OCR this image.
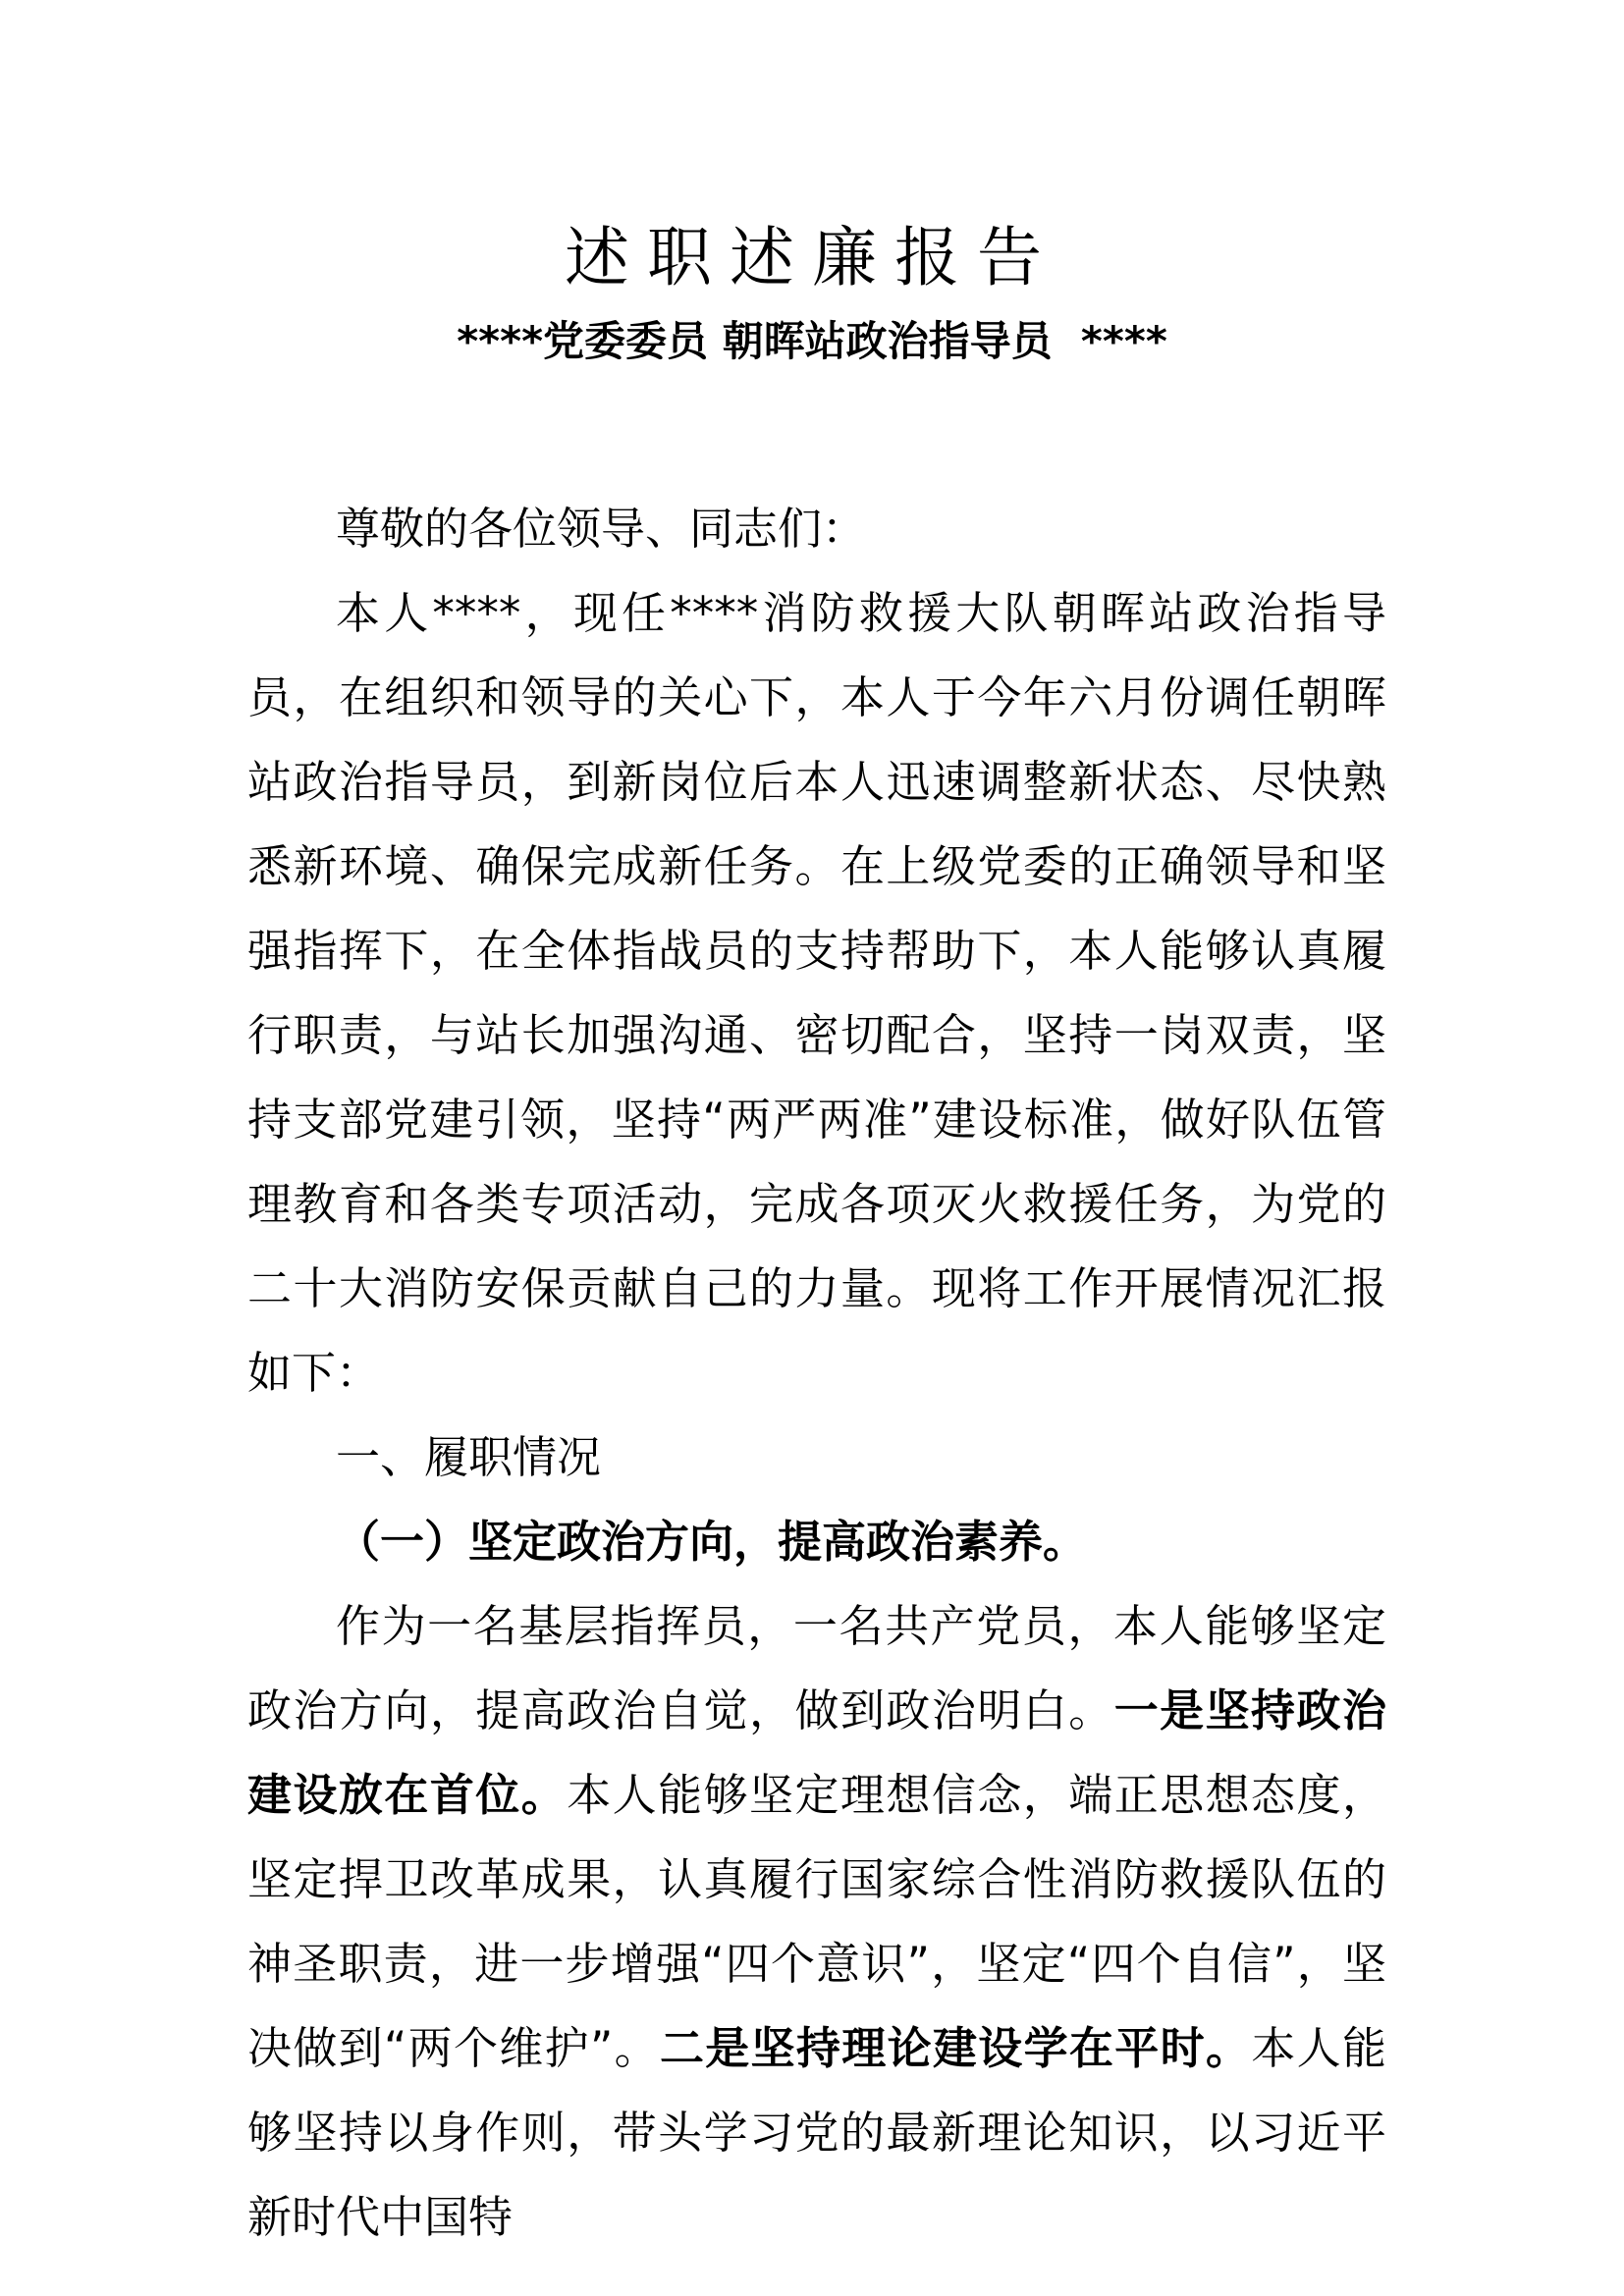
述职述廉报告
****党委委员 朝晖站政治指导员  ****

尊敬的各位领导、同志们：

本人****，现任****消防救援大队朝晖站政治指导员，在组织和领导的关心下，本人于今年六月份调任朝晖站政治指导员，到新岗位后本人迅速调整新状态、尽快熟悉新环境、确保完成新任务。在上级党委的正确领导和坚强指挥下，在全体指战员的支持帮助下，本人能够认真履行职责，与站长加强沟通、密切配合，坚持一岗双责，坚持支部党建引领，坚持“两严两准”建设标准，做好队伍管理教育和各类专项活动，完成各项灭火救援任务，为党的二十大消防安保贡献自己的力量。现将工作开展情况汇报如下：

一、履职情况

（一）坚定政治方向，提高政治素养。

作为一名基层指挥员，一名共产党员，本人能够坚定政治方向，提高政治自觉，做到政治明白。一是坚持政治建设放在首位。本人能够坚定理想信念，端正思想态度，坚定捍卫改革成果，认真履行国家综合性消防救援队伍的神圣职责，进一步增强“四个意识”，坚定“四个自信”，坚决做到“两个维护”。二是坚持理论建设学在平时。本人能够坚持以身作则，带头学习党的最新理论知识，以习近平新时代中国特
